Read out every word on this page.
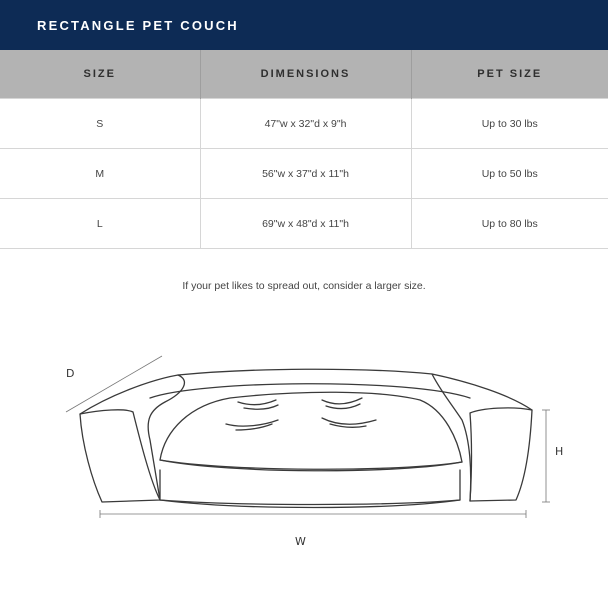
RECTANGLE PET COUCH
SIZE	DIMENSIONS	PET SIZE
S	47"w x 32"d x 9"h	Up to 30 lbs
M	56"w x 37"d x 11"h	Up to 50 lbs
L	69"w x 48"d x 11"h	Up to 80 lbs
If your pet likes to spread out, consider a larger size.
D
H
W
